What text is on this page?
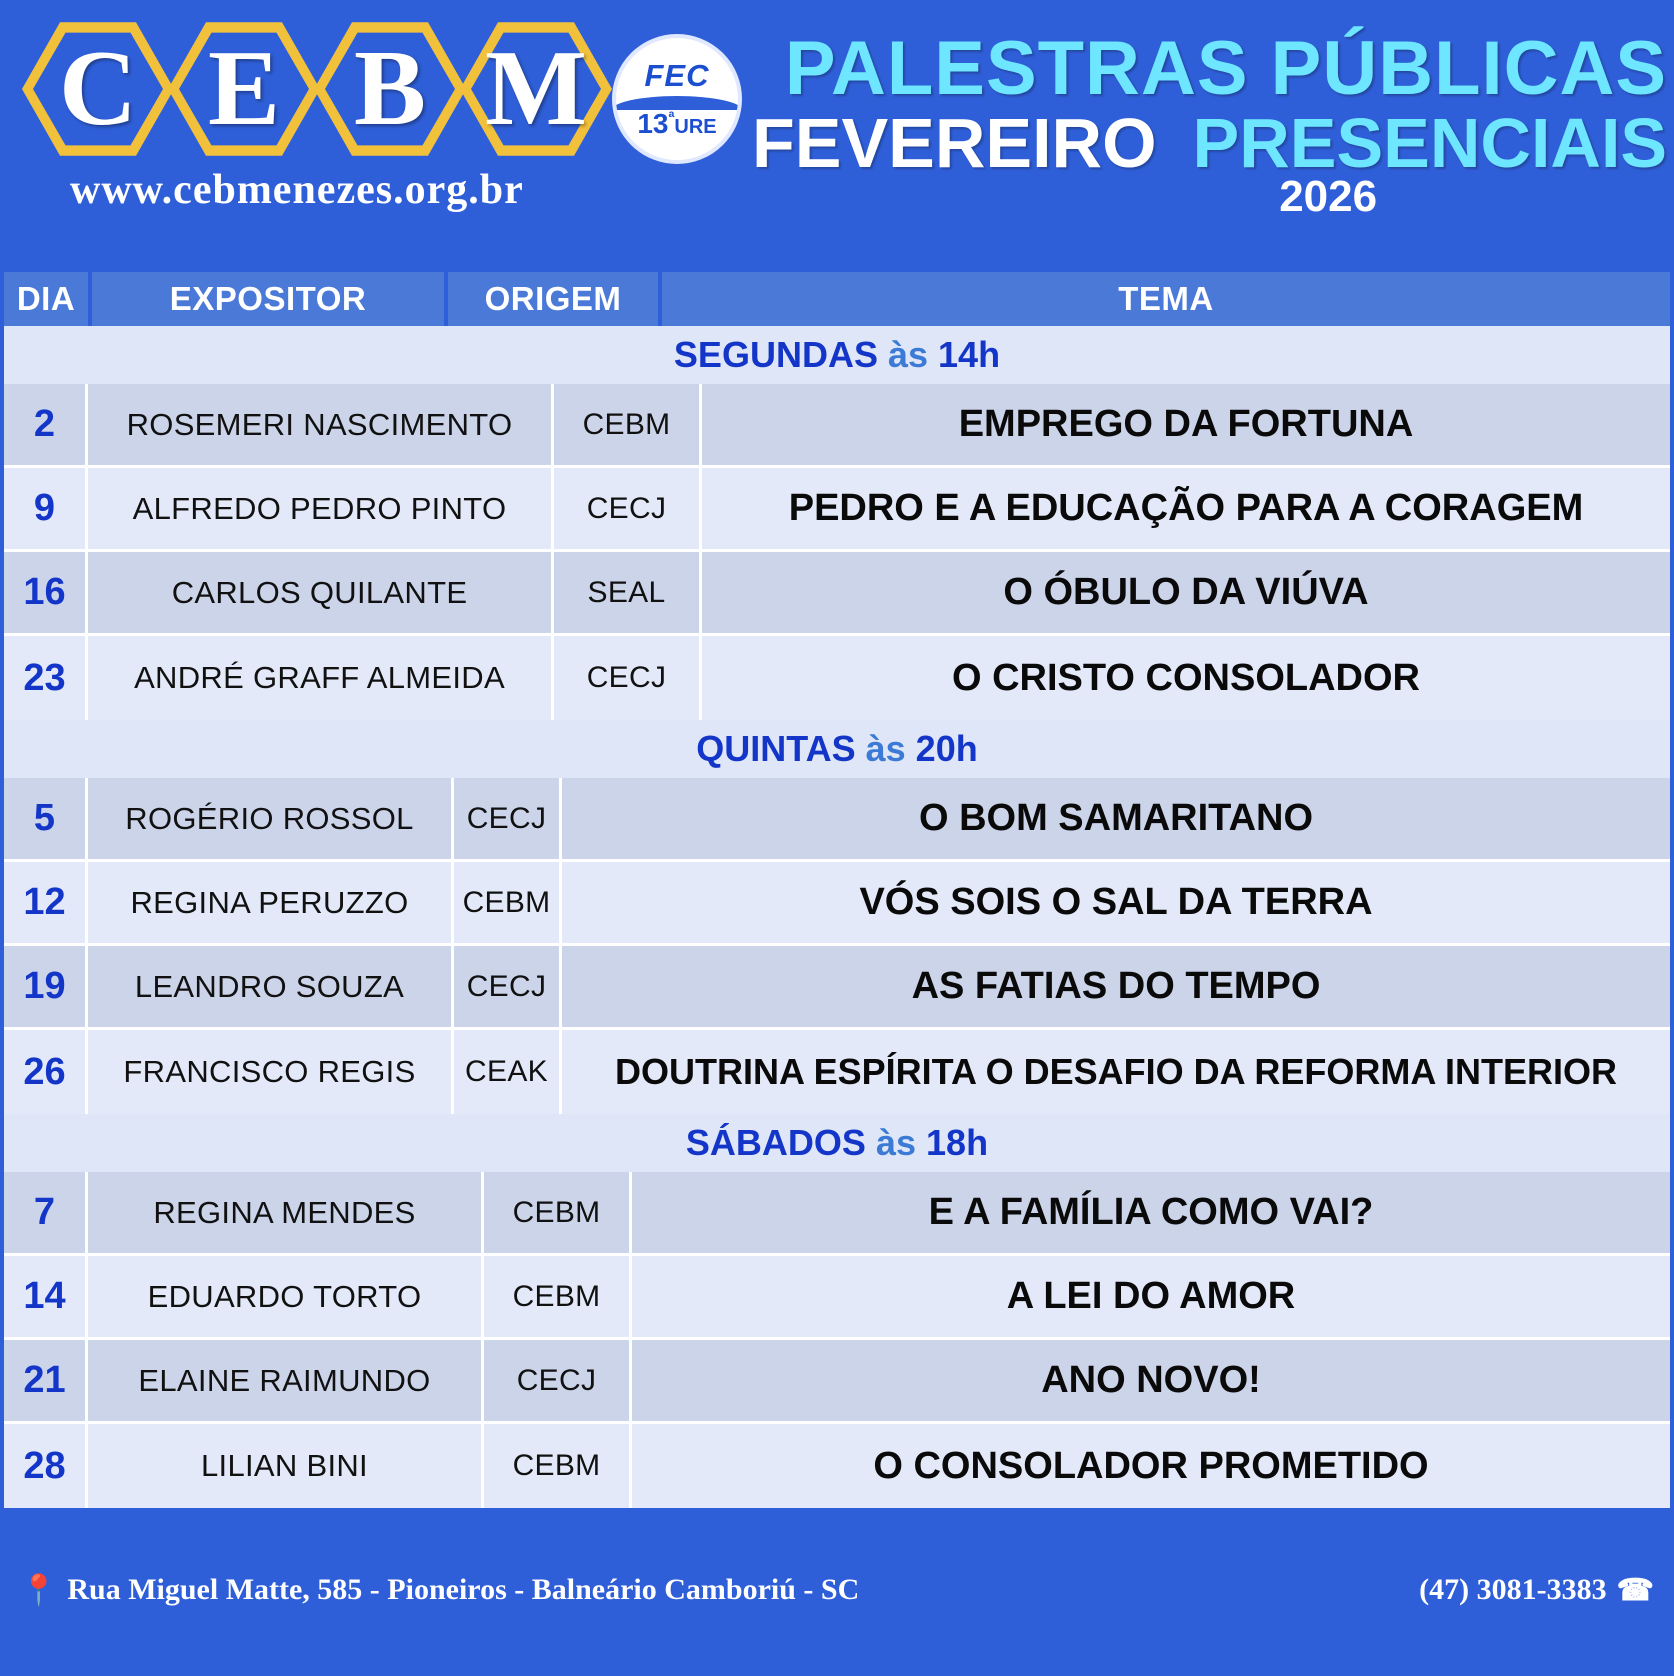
C E B M
www.cebmenezes.org.br
FEC
$13^ªURE$
PALESTRAS PÚBLICAS
FEVEREIRO PRESENCIAIS
2026
DIA	EXPOSITOR	ORIGEM	TEMA
SEGUNDAS
às
14h
2	ROSEMERI NASCIMENTO	CEBM	EMPREGO DA FORTUNA
9	ALFREDO PEDRO PINTO	CECJ	PEDRO E A EDUCAÇÃO PARA A CORAGEM
16	CARLOS QUILANTE	SEAL	O ÓBULO DA VIÚVA
23	ANDRÉ GRAFF ALMEIDA	CECJ	O CRISTO CONSOLADOR
QUINTAS
às
20h
5	ROGÉRIO ROSSOL	CECJ	O BOM SAMARITANO
12	REGINA PERUZZO	CEBM	VÓS SOIS O SAL DA TERRA
19	LEANDRO SOUZA	CECJ	AS FATIAS DO TEMPO
26	FRANCISCO REGIS	CEAK	DOUTRINA ESPÍRITA O DESAFIO DA REFORMA INTERIOR
SÁBADOS
às
18h
7	REGINA MENDES	CEBM	E A FAMÍLIA COMO VAI?
14	EDUARDO TORTO	CEBM	A LEI DO AMOR
21	ELAINE RAIMUNDO	CECJ	ANO NOVO!
28	LILIAN BINI	CEBM	O CONSOLADOR PROMETIDO
📍 Rua Miguel Matte, 585 - Pioneiros - Balneário Camboriú - SC	(47) 3081-3383 ☎
